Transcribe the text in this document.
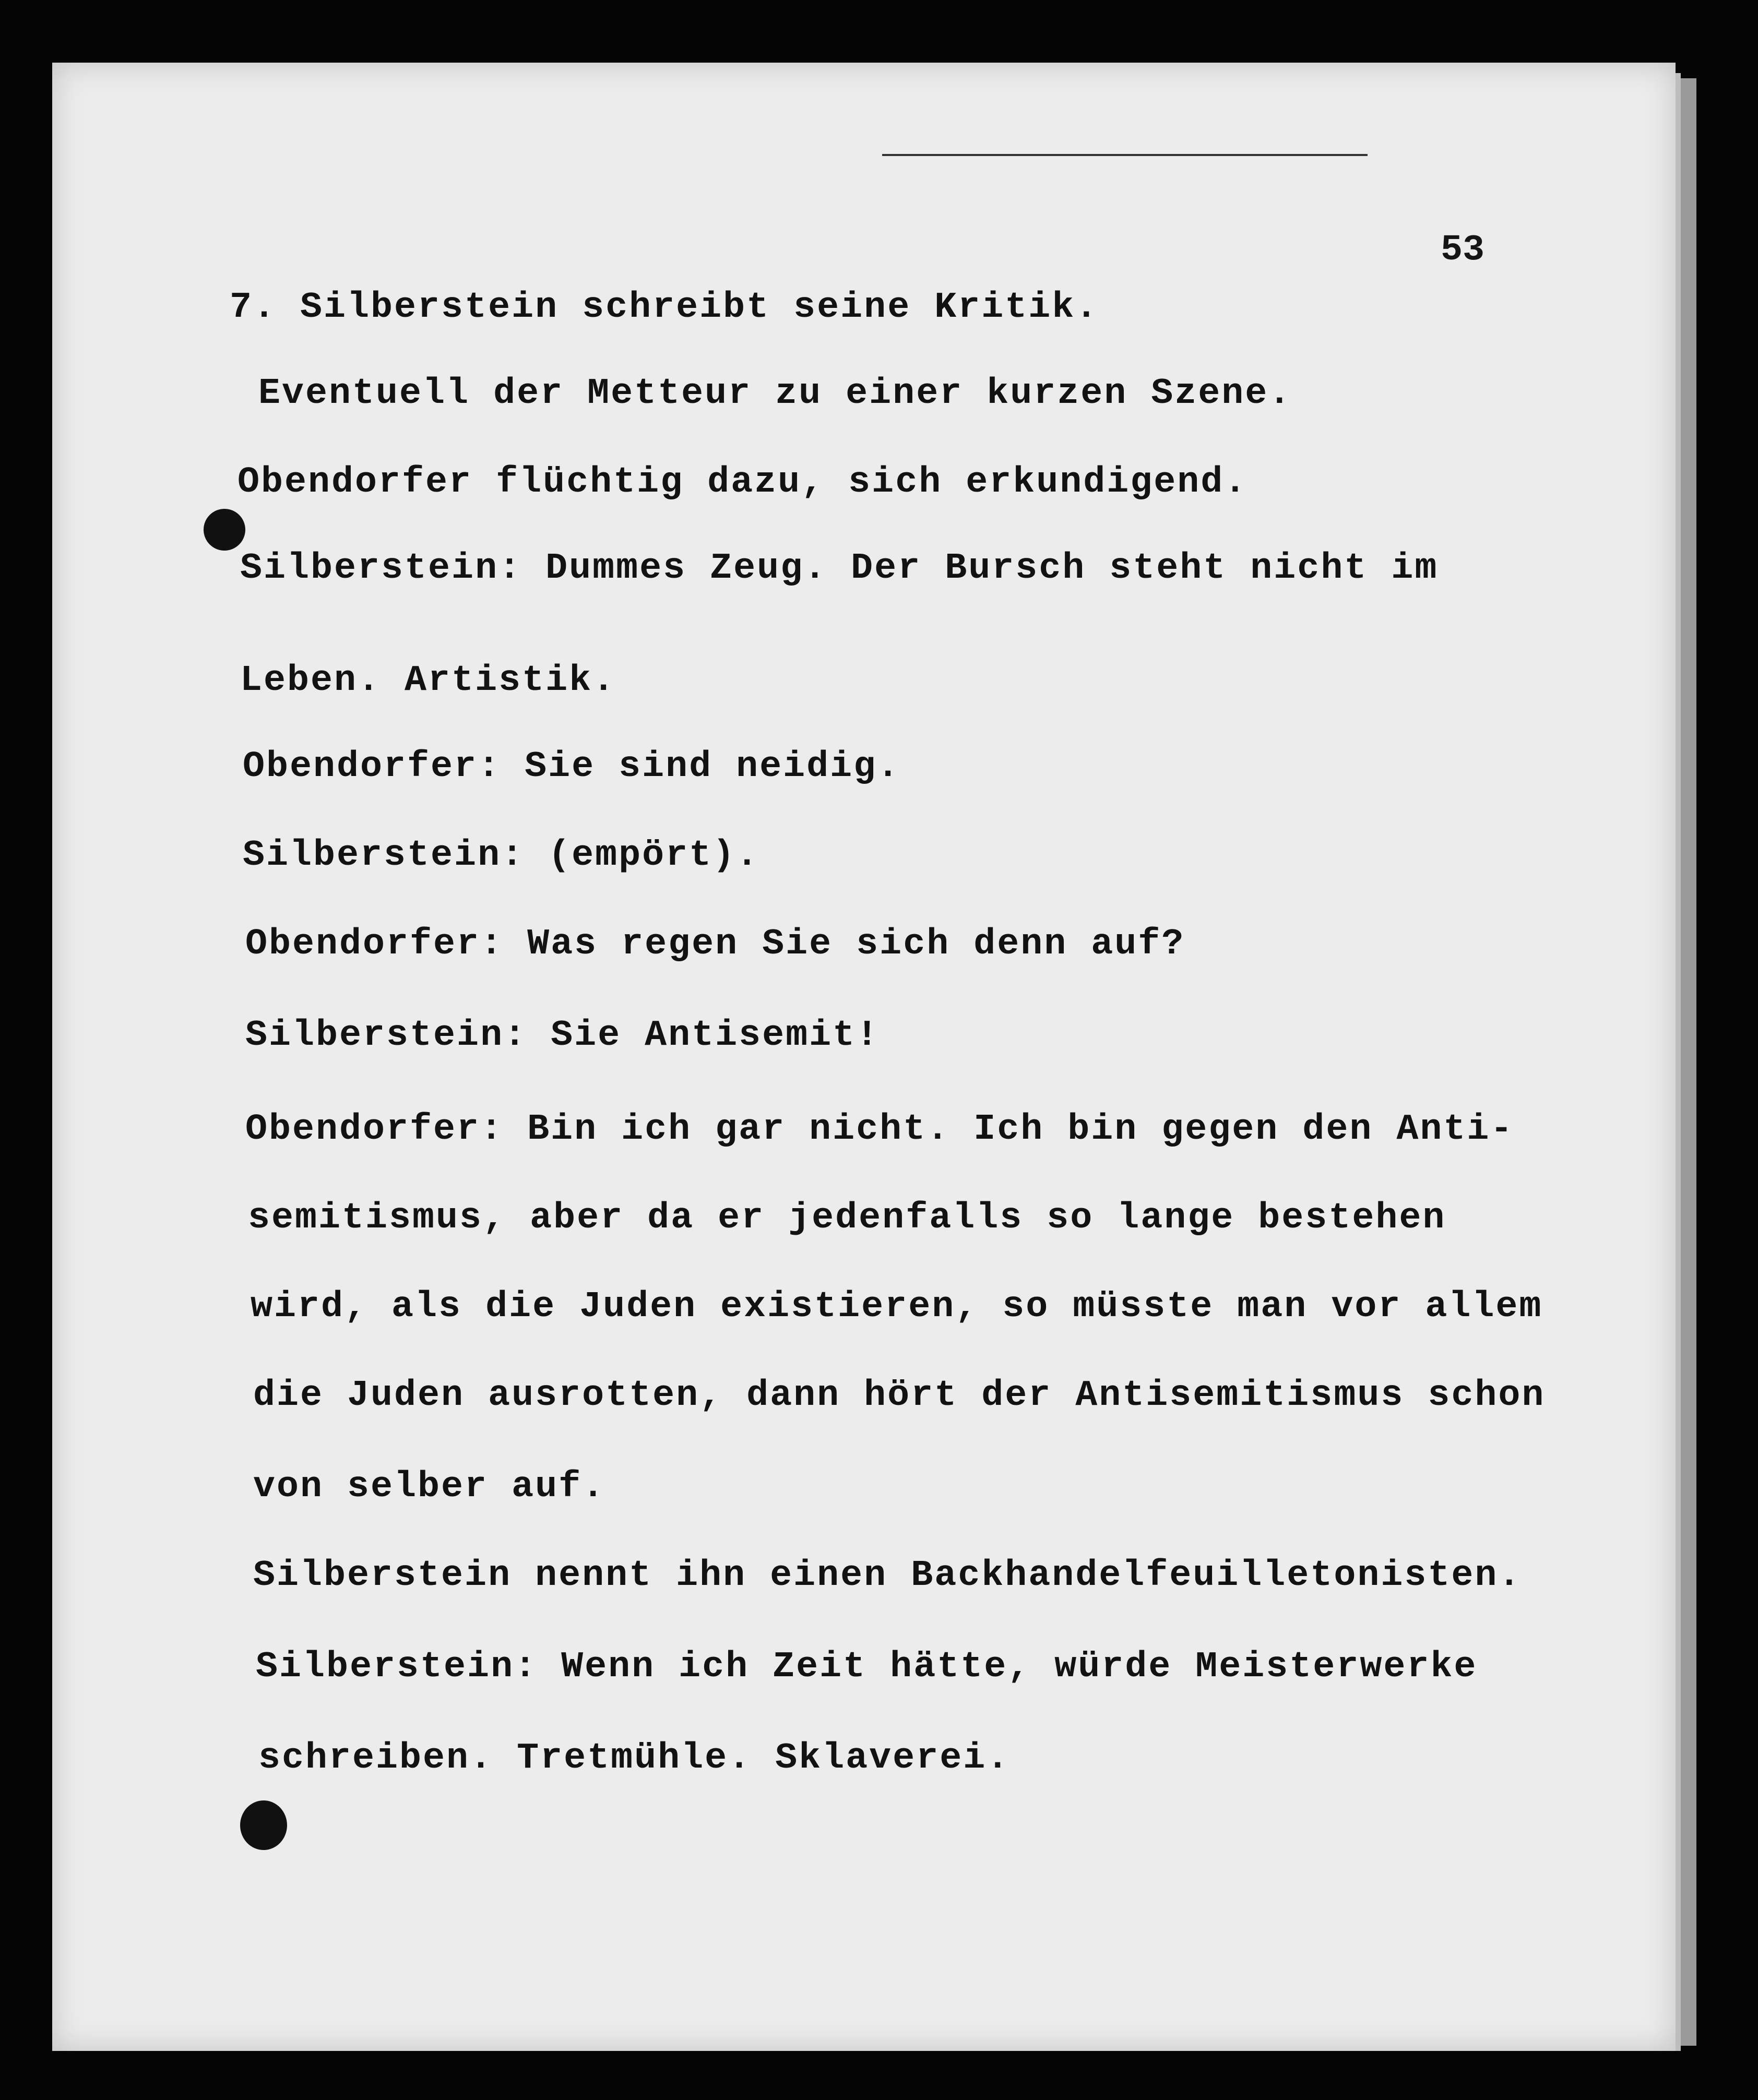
53
7. Silberstein schreibt seine Kritik.
Eventuell der Metteur zu einer kurzen Szene.
Obendorfer flüchtig dazu, sich erkundigend.
Silberstein: Dummes Zeug. Der Bursch steht nicht im
Leben. Artistik.
Obendorfer: Sie sind neidig.
Silberstein: (empört).
Obendorfer: Was regen Sie sich denn auf?
Silberstein: Sie Antisemit!
Obendorfer: Bin ich gar nicht. Ich bin gegen den Anti-
semitismus, aber da er jedenfalls so lange bestehen
wird, als die Juden existieren, so müsste man vor allem
die Juden ausrotten, dann hört der Antisemitismus schon
von selber auf.
Silberstein nennt ihn einen Backhandelfeuilletonisten.
Silberstein: Wenn ich Zeit hätte, würde Meisterwerke
schreiben. Tretmühle. Sklaverei.
